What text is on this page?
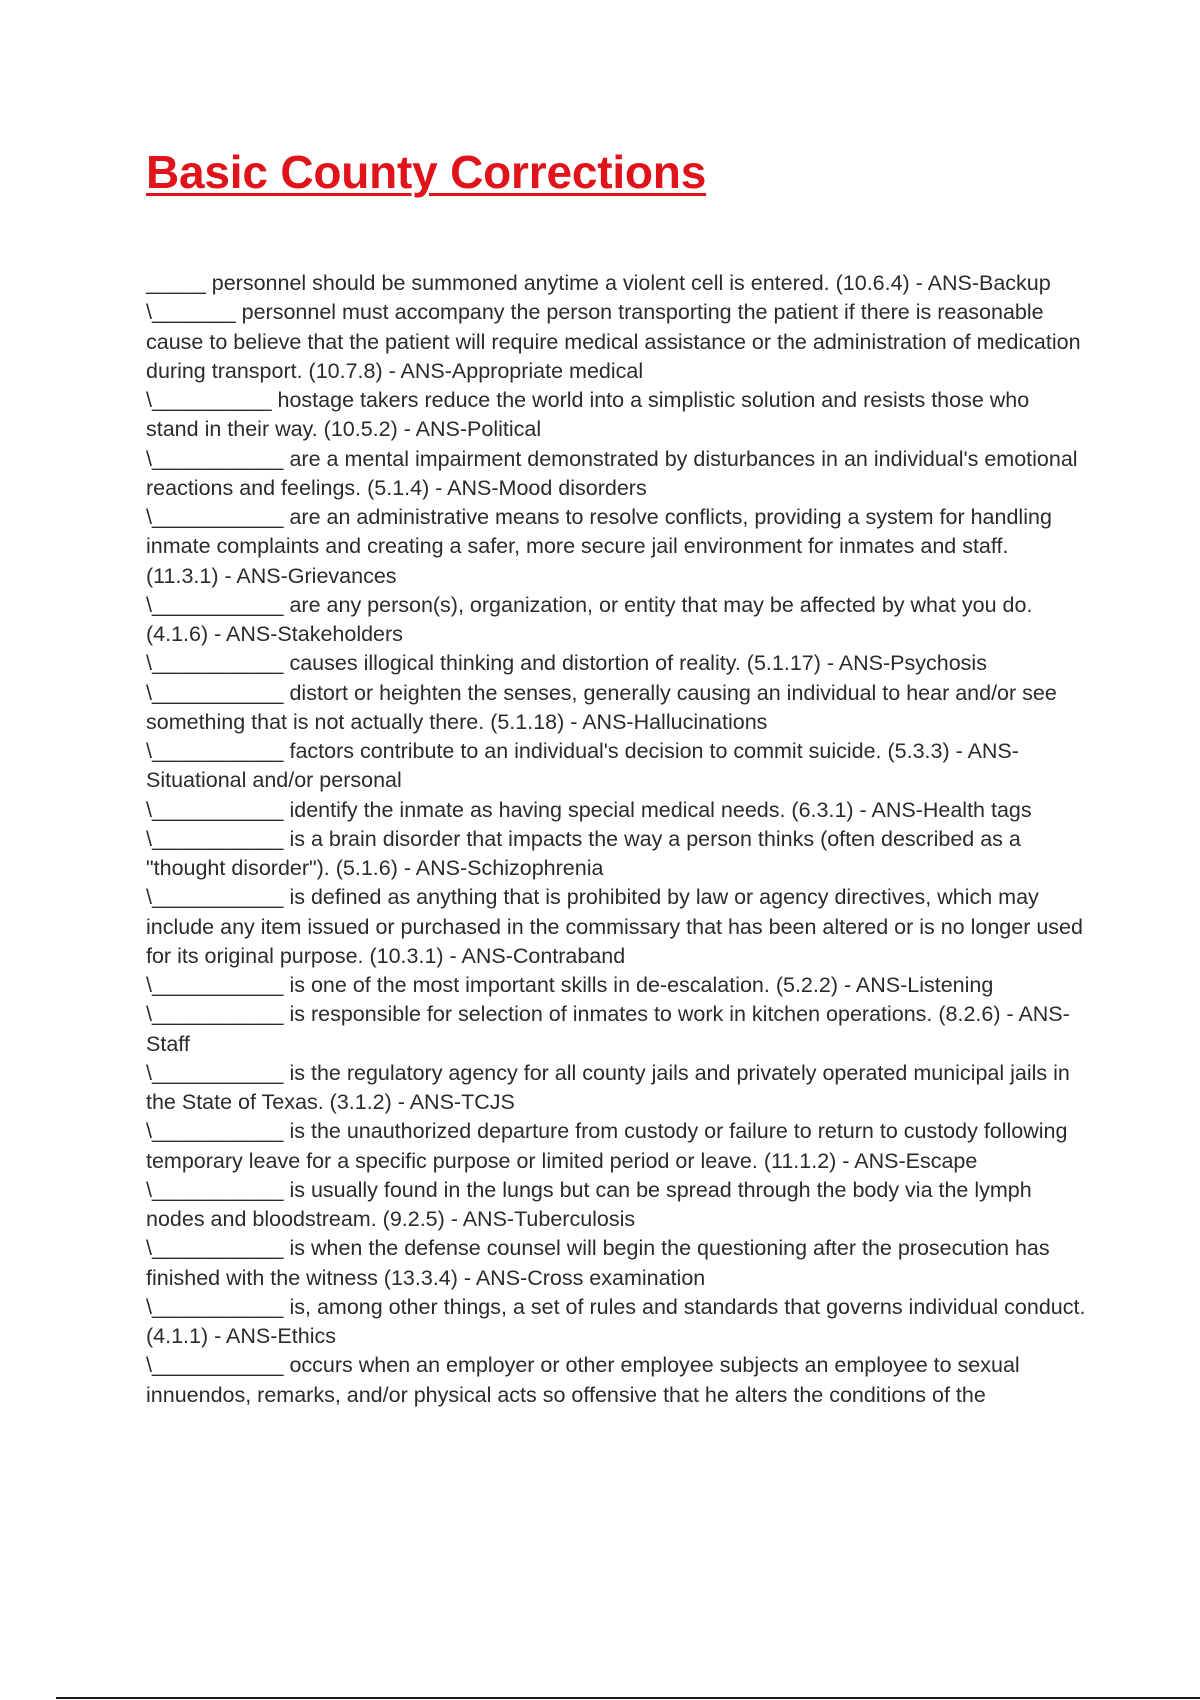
Basic County Corrections

_____ personnel should be summoned anytime a violent cell is entered. (10.6.4) - ANS-Backup

\_______ personnel must accompany the person transporting the patient if there is reasonable cause to believe that the patient will require medical assistance or the administration of medication during transport. (10.7.8) - ANS-Appropriate medical

\__________ hostage takers reduce the world into a simplistic solution and resists those who stand in their way. (10.5.2) - ANS-Political

\___________ are a mental impairment demonstrated by disturbances in an individual's emotional reactions and feelings. (5.1.4) - ANS-Mood disorders

\___________ are an administrative means to resolve conflicts, providing a system for handling inmate complaints and creating a safer, more secure jail environment for inmates and staff. (11.3.1) - ANS-Grievances

\___________ are any person(s), organization, or entity that may be affected by what you do. (4.1.6) - ANS-Stakeholders

\___________ causes illogical thinking and distortion of reality. (5.1.17) - ANS-Psychosis

\___________ distort or heighten the senses, generally causing an individual to hear and/or see something that is not actually there. (5.1.18) - ANS-Hallucinations

\___________ factors contribute to an individual's decision to commit suicide. (5.3.3) - ANS-Situational and/or personal

\___________ identify the inmate as having special medical needs. (6.3.1) - ANS-Health tags

\___________ is a brain disorder that impacts the way a person thinks (often described as a "thought disorder"). (5.1.6) - ANS-Schizophrenia

\___________ is defined as anything that is prohibited by law or agency directives, which may include any item issued or purchased in the commissary that has been altered or is no longer used for its original purpose. (10.3.1) - ANS-Contraband

\___________ is one of the most important skills in de-escalation. (5.2.2) - ANS-Listening

\___________ is responsible for selection of inmates to work in kitchen operations. (8.2.6) - ANS-Staff

\___________ is the regulatory agency for all county jails and privately operated municipal jails in the State of Texas. (3.1.2) - ANS-TCJS

\___________ is the unauthorized departure from custody or failure to return to custody following temporary leave for a specific purpose or limited period or leave. (11.1.2) - ANS-Escape

\___________ is usually found in the lungs but can be spread through the body via the lymph nodes and bloodstream. (9.2.5) - ANS-Tuberculosis

\___________ is when the defense counsel will begin the questioning after the prosecution has finished with the witness (13.3.4) - ANS-Cross examination

\___________ is, among other things, a set of rules and standards that governs individual conduct. (4.1.1) - ANS-Ethics

\___________ occurs when an employer or other employee subjects an employee to sexual innuendos, remarks, and/or physical acts so offensive that he alters the conditions of the
